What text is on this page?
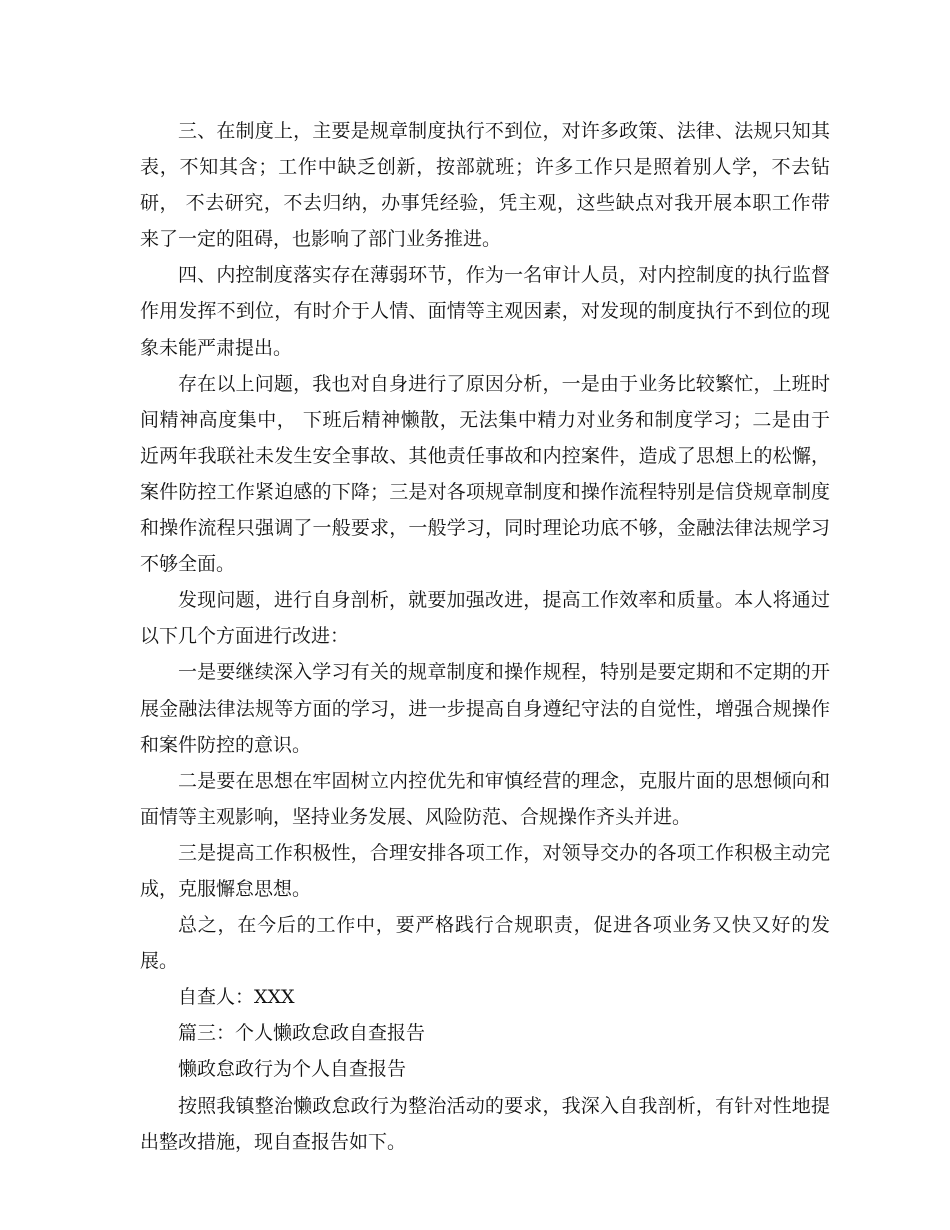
三、在制度上，主要是规章制度执行不到位，对许多政策、法律、法规只知其表，不知其含；工作中缺乏创新，按部就班；许多工作只是照着别人学，不去钻研， 不去研究，不去归纳，办事凭经验，凭主观，这些缺点对我开展本职工作带来了一定的阻碍，也影响了部门业务推进。

四、内控制度落实存在薄弱环节，作为一名审计人员，对内控制度的执行监督作用发挥不到位，有时介于人情、面情等主观因素，对发现的制度执行不到位的现象未能严肃提出。

存在以上问题，我也对自身进行了原因分析，一是由于业务比较繁忙，上班时间精神高度集中， 下班后精神懒散，无法集中精力对业务和制度学习；二是由于近两年我联社未发生安全事故、其他责任事故和内控案件，造成了思想上的松懈，案件防控工作紧迫感的下降；三是对各项规章制度和操作流程特别是信贷规章制度和操作流程只强调了一般要求，一般学习，同时理论功底不够，金融法律法规学习不够全面。

发现问题，进行自身剖析，就要加强改进，提高工作效率和质量。本人将通过以下几个方面进行改进：

一是要继续深入学习有关的规章制度和操作规程，特别是要定期和不定期的开展金融法律法规等方面的学习，进一步提高自身遵纪守法的自觉性，增强合规操作和案件防控的意识。

二是要在思想在牢固树立内控优先和审慎经营的理念，克服片面的思想倾向和面情等主观影响，坚持业务发展、风险防范、合规操作齐头并进。

三是提高工作积极性，合理安排各项工作，对领导交办的各项工作积极主动完成，克服懈怠思想。

总之，在今后的工作中，要严格践行合规职责，促进各项业务又快又好的发展。

自查人：XXX

篇三：个人懒政怠政自查报告

懒政怠政行为个人自查报告

按照我镇整治懒政怠政行为整治活动的要求，我深入自我剖析，有针对性地提出整改措施，现自查报告如下。
